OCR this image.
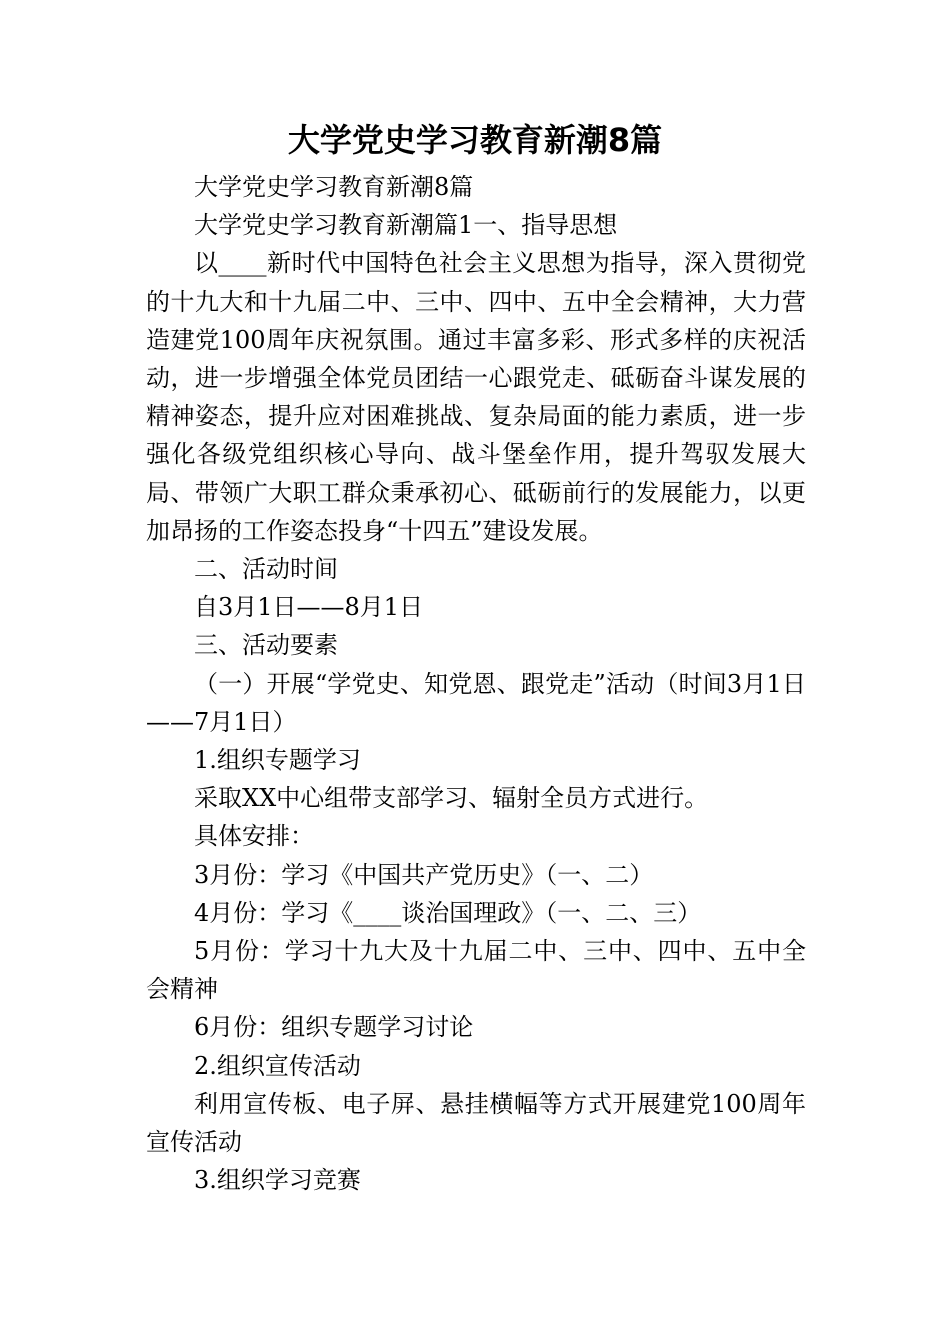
大学党史学习教育新潮8篇

大学党史学习教育新潮8篇

大学党史学习教育新潮篇1一、指导思想

以____新时代中国特色社会主义思想为指导，深入贯彻党的十九大和十九届二中、三中、四中、五中全会精神，大力营造建党100周年庆祝氛围。通过丰富多彩、形式多样的庆祝活动，进一步增强全体党员团结一心跟党走、砥砺奋斗谋发展的精神姿态，提升应对困难挑战、复杂局面的能力素质，进一步强化各级党组织核心导向、战斗堡垒作用，提升驾驭发展大局、带领广大职工群众秉承初心、砥砺前行的发展能力，以更加昂扬的工作姿态投身“十四五”建设发展。

二、活动时间

自3月1日——8月1日

三、活动要素

（一）开展“学党史、知党恩、跟党走”活动（时间3月1日——7月1日）

1.组织专题学习

采取XX中心组带支部学习、辐射全员方式进行。

具体安排：

3月份：学习《中国共产党历史》（一、二）

4月份：学习《____谈治国理政》（一、二、三）

5月份：学习十九大及十九届二中、三中、四中、五中全会精神

6月份：组织专题学习讨论

2.组织宣传活动

利用宣传板、电子屏、悬挂横幅等方式开展建党100周年宣传活动

3.组织学习竞赛
